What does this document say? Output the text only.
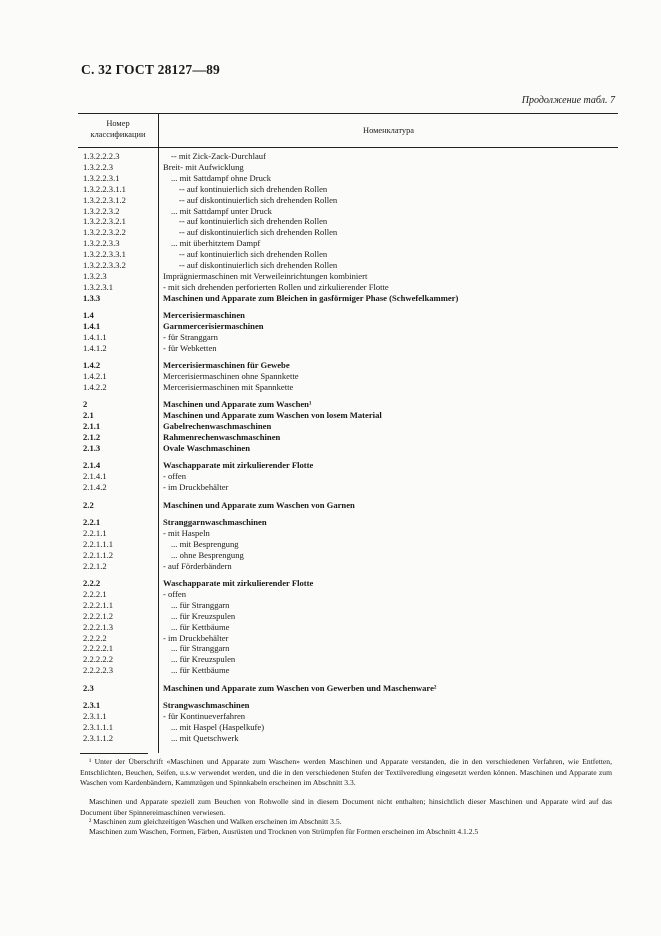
С. 32 ГОСТ 28127—89
Продолжение табл. 7
Номер
классификации	Номенклатура
1.3.2.2.2.3	-- mit Zick-Zack-Durchlauf
1.3.2.2.3	Breit- mit Aufwicklung
1.3.2.2.3.1	... mit Sattdampf ohne Druck
1.3.2.2.3.1.1	-- auf kontinuierlich sich drehenden Rollen
1.3.2.2.3.1.2	-- auf diskontinuierlich sich drehenden Rollen
1.3.2.2.3.2	... mit Sattdampf unter Druck
1.3.2.2.3.2.1	-- auf kontinuierlich sich drehenden Rollen
1.3.2.2.3.2.2	-- auf diskontinuierlich sich drehenden Rollen
1.3.2.2.3.3	... mit überhitztem Dampf
1.3.2.2.3.3.1	-- auf kontinuierlich sich drehenden Rollen
1.3.2.2.3.3.2	-- auf diskontinuierlich sich drehenden Rollen
1.3.2.3	Imprägniermaschinen mit Verweileinrichtungen kombiniert
1.3.2.3.1	- mit sich drehenden perforierten Rollen und zirkulierender Flotte
1.3.3	Maschinen und Apparate zum Bleichen in gasförmiger Phase (Schwefelkammer)
1.4	Mercerisiermaschinen
1.4.1	Garnmercerisiermaschinen
1.4.1.1	- für Stranggarn
1.4.1.2	- für Webketten
1.4.2	Mercerisiermaschinen für Gewebe
1.4.2.1	Mercerisiermaschinen ohne Spannkette
1.4.2.2	Mercerisiermaschinen mit Spannkette
2	Maschinen und Apparate zum Waschen¹
2.1	Maschinen und Apparate zum Waschen von losem Material
2.1.1	Gabelrechenwaschmaschinen
2.1.2	Rahmenrechenwaschmaschinen
2.1.3	Ovale Waschmaschinen
2.1.4	Waschapparate mit zirkulierender Flotte
2.1.4.1	- offen
2.1.4.2	- im Druckbehälter
2.2	Maschinen und Apparate zum Waschen von Garnen
2.2.1	Stranggarnwaschmaschinen
2.2.1.1	- mit Haspeln
2.2.1.1.1	... mit Besprengung
2.2.1.1.2	... ohne Besprengung
2.2.1.2	- auf Förderbändern
2.2.2	Waschapparate mit zirkulierender Flotte
2.2.2.1	- offen
2.2.2.1.1	... für Stranggarn
2.2.2.1.2	... für Kreuzspulen
2.2.2.1.3	... für Kettbäume
2.2.2.2	- im Druckbehälter
2.2.2.2.1	... für Stranggarn
2.2.2.2.2	... für Kreuzspulen
2.2.2.2.3	... für Kettbäume
2.3	Maschinen und Apparate zum Waschen von Gewerben und Maschenware²
2.3.1	Strangwaschmaschinen
2.3.1.1	- für Kontinueverfahren
2.3.1.1.1	... mit Haspel (Haspelkufe)
2.3.1.1.2	... mit Quetschwerk
¹ Unter der Übersсhrift «Maschinen und Apparate zum Waschen» werden Maschinen und Apparate verstanden, die in den verschiedenen Verfahren, wie Entfetten, Entschlichten, Beuchen, Seifen, u.s.w verwendet werden, und die in den verschiedenen Stufen der Textilveredlung eingesetzt werden können. Maschinen und Apparate zum Waschen vom Kardenbändern, Kammzügen und Spinnkabeln erscheinen im Abschnitt 3.3.
Maschinen und Apparate speziell zum Beuchen von Rohwolle sind in diesem Document nicht enthalten; hinsichtlich dieser Maschinen und Apparate wird auf das Document über Spinnereimaschinen verwiesen.
² Maschinen zum gleichzeitigen Waschen und Walken erscheinen im Abschnitt 3.5.
Maschinen zum Waschen, Formen, Färben, Ausrüsten und Trocknen von Strümpfen für Formen erscheinen im Abschnitt 4.1.2.5
